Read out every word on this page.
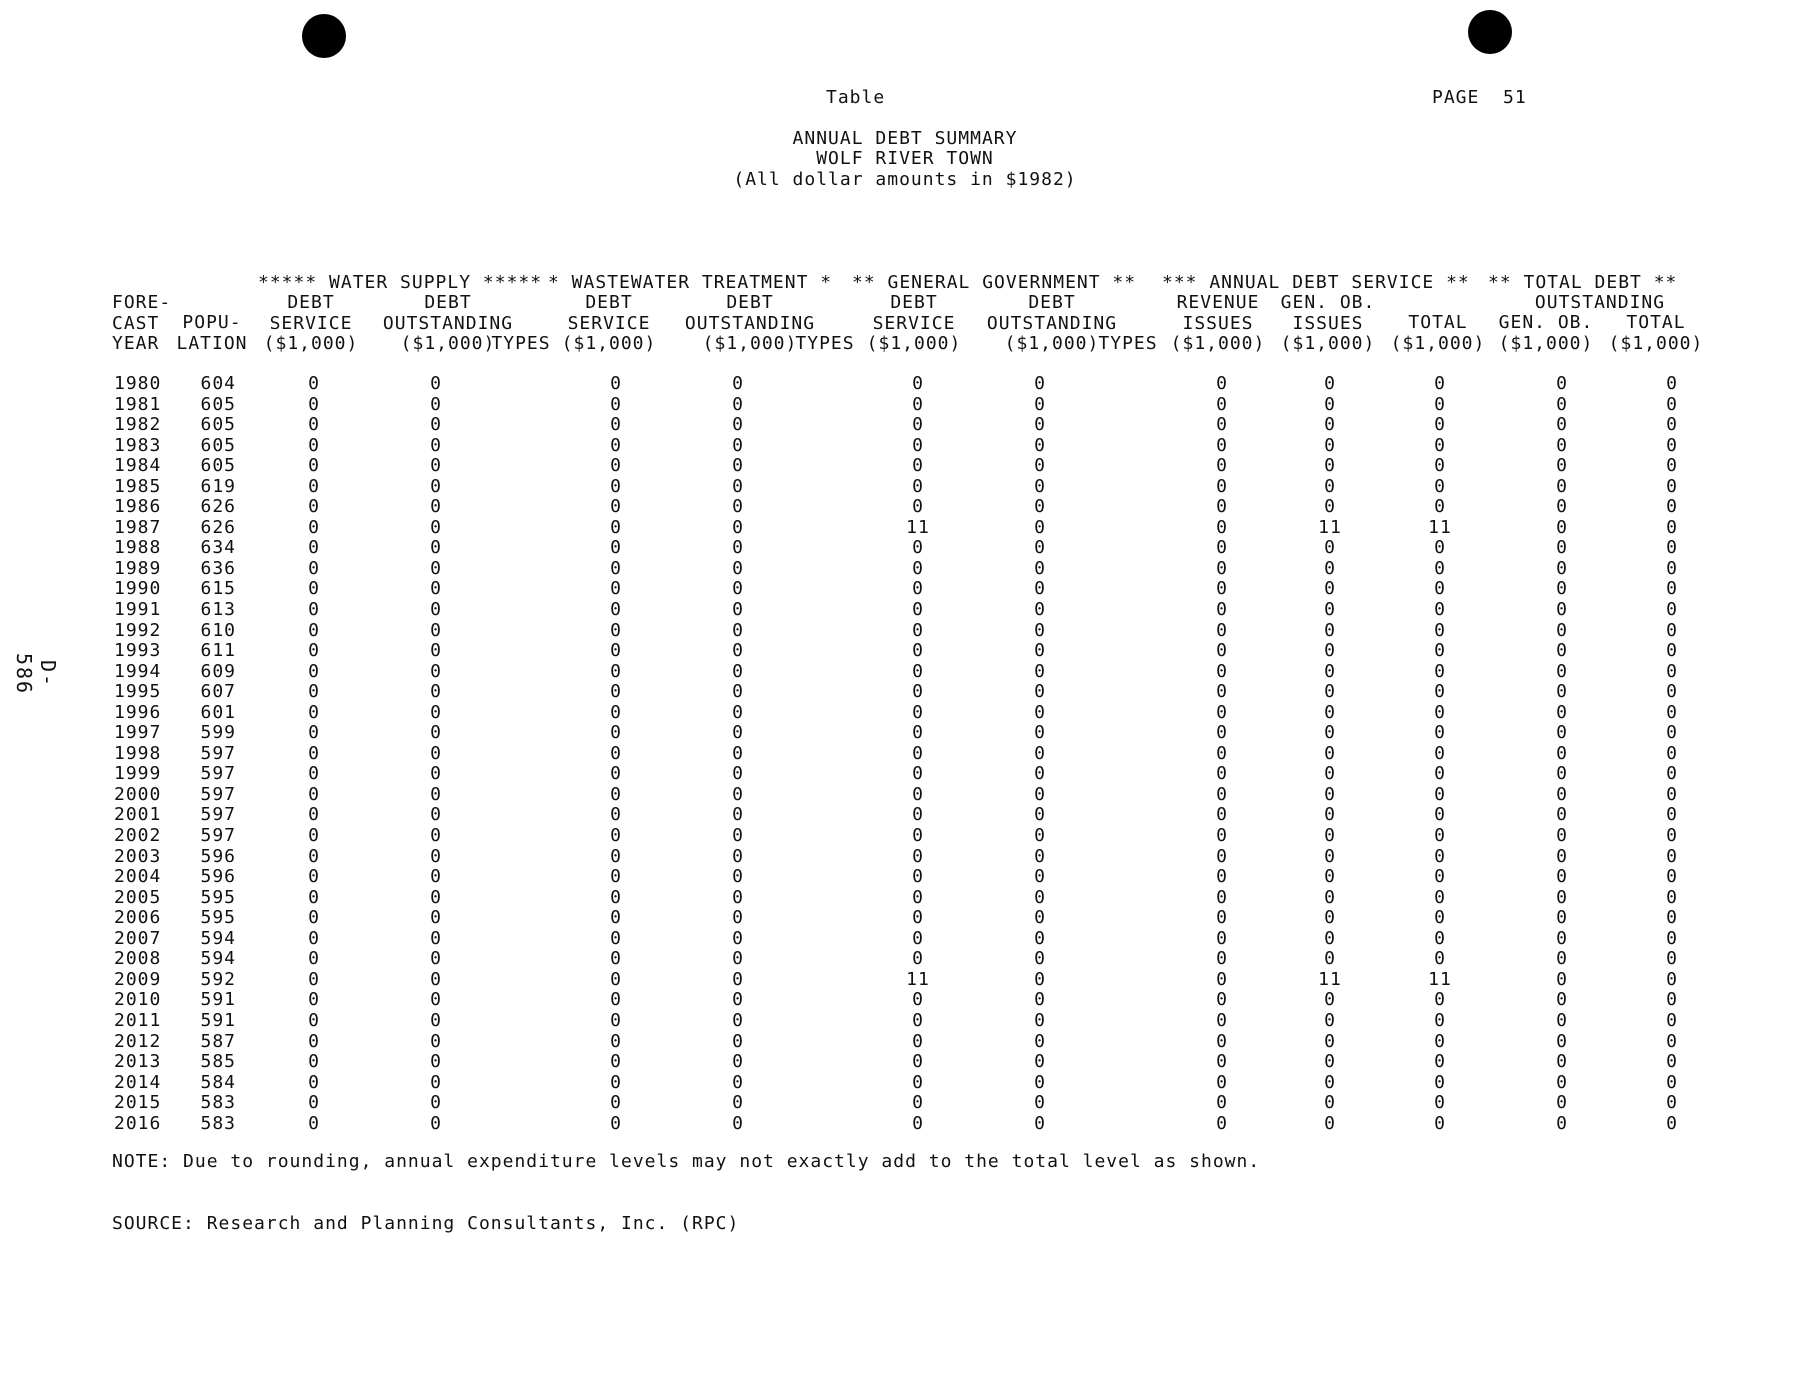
D-586
Table	PAGE  51
ANNUAL DEBT SUMMARY
WOLF RIVER TOWN
(All dollar amounts in $1982)
***** WATER SUPPLY ***** * WASTEWATER TREATMENT * ** GENERAL GOVERNMENT ** *** ANNUAL DEBT SERVICE ** ** TOTAL DEBT **
FORE-
CAST
YEAR
POPU-
LATION
DEBT
SERVICE
($1,000)
DEBT
OUTSTANDING
($1,000)
TYPES
DEBT
SERVICE
($1,000)
DEBT
OUTSTANDING
($1,000)
TYPES
DEBT
SERVICE
($1,000)
DEBT
OUTSTANDING
($1,000) TYPES
REVENUE
ISSUES
($1,000)
GEN. OB.
ISSUES
($1,000)
TOTAL
($1,000)
OUTSTANDING
GEN. OB.
($1,000)
TOTAL
($1,000)
1980
1981
1982
1983
1984
1985
1986
1987
1988
1989
1990
1991
1992
1993
1994
1995
1996
1997
1998
1999
2000
2001
2002
2003
2004
2005
2006
2007
2008
2009
2010
2011
2012
2013
2014
2015
2016
604
605
605
605
605
619
626
626
634
636
615
613
610
611
609
607
601
599
597
597
597
597
597
596
596
595
595
594
594
592
591
591
587
585
584
583
583
0
0
0
0
0
0
0
0
0
0
0
0
0
0
0
0
0
0
0
0
0
0
0
0
0
0
0
0
0
0
0
0
0
0
0
0
0
0
0
0
0
0
0
0
0
0
0
0
0
0
0
0
0
0
0
0
0
0
0
0
0
0
0
0
0
0
0
0
0
0
0
0
0
0
0
0
0
0
0
0
0
0
0
0
0
0
0
0
0
0
0
0
0
0
0
0
0
0
0
0
0
0
0
0
0
0
0
0
0
0
0
0
0
0
0
0
0
0
0
0
0
0
0
0
0
0
0
0
0
0
0
0
0
0
0
0
0
0
0
0
0
0
0
0
0
0
0
0
0
0
0
0
0
0
0
11
0
0
0
0
0
0
0
0
0
0
0
0
0
0
0
0
0
0
0
0
0
11
0
0
0
0
0
0
0
0
0
0
0
0
0
0
0
0
0
0
0
0
0
0
0
0
0
0
0
0
0
0
0
0
0
0
0
0
0
0
0
0
0
0
0
0
0
0
0
0
0
0
0
0
0
0
0
0
0
0
0
0
0
0
0
0
0
0
0
0
0
0
0
0
0
0
0
0
0
0
0
0
0
0
0
0
0
0
0
0
11
0
0
0
0
0
0
0
0
0
0
0
0
0
0
0
0
0
0
0
0
0
11
0
0
0
0
0
0
0
0
0
0
0
0
0
0
11
0
0
0
0
0
0
0
0
0
0
0
0
0
0
0
0
0
0
0
0
0
11
0
0
0
0
0
0
0
0
0
0
0
0
0
0
0
0
0
0
0
0
0
0
0
0
0
0
0
0
0
0
0
0
0
0
0
0
0
0
0
0
0
0
0
0
0
0
0
0
0
0
0
0
0
0
0
0
0
0
0
0
0
0
0
0
0
0
0
0
0
0
0
0
0
0
0
0
0
0
0
0
0
NOTE: Due to rounding, annual expenditure levels may not exactly add to the total level as shown.
SOURCE: Research and Planning Consultants, Inc. (RPC)
